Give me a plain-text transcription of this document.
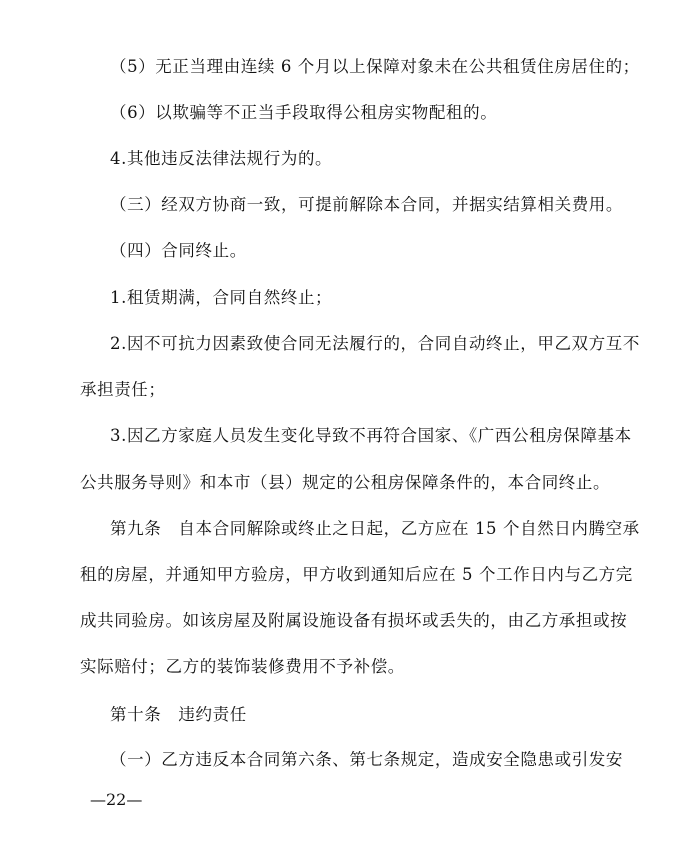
（5）无正当理由连续 6 个月以上保障对象未在公共租赁住房居住的；
（6）以欺骗等不正当手段取得公租房实物配租的。
4.其他违反法律法规行为的。
（三）经双方协商一致，可提前解除本合同，并据实结算相关费用。
（四）合同终止。
1.租赁期满，合同自然终止；
2.因不可抗力因素致使合同无法履行的，合同自动终止，甲乙双方互不
承担责任；
3.因乙方家庭人员发生变化导致不再符合国家、《广西公租房保障基本
公共服务导则》和本市（县）规定的公租房保障条件的，本合同终止。
第九条　自本合同解除或终止之日起，乙方应在 15 个自然日内腾空承
租的房屋，并通知甲方验房，甲方收到通知后应在 5 个工作日内与乙方完
成共同验房。如该房屋及附属设施设备有损坏或丢失的，由乙方承担或按
实际赔付；乙方的装饰装修费用不予补偿。
第十条　违约责任
（一）乙方违反本合同第六条、第七条规定，造成安全隐患或引发安
—22—
